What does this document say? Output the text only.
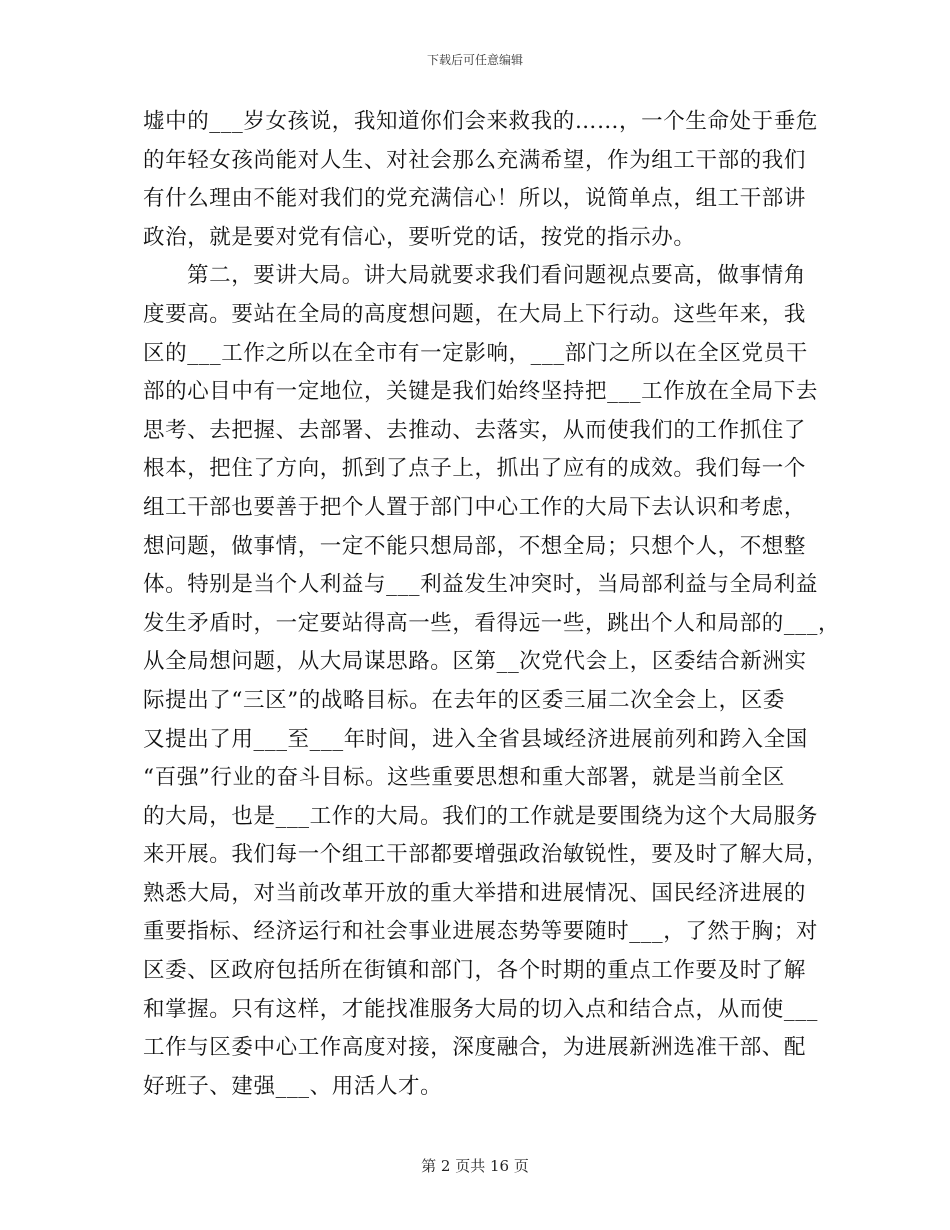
下载后可任意编辑
墟中的___岁女孩说，我知道你们会来救我的……，一个生命处于垂危
的年轻女孩尚能对人生、对社会那么充满希望，作为组工干部的我们
有什么理由不能对我们的党充满信心！所以，说简单点，组工干部讲
政治，就是要对党有信心，要听党的话，按党的指示办。
第二，要讲大局。讲大局就要求我们看问题视点要高，做事情角
度要高。要站在全局的高度想问题，在大局上下行动。这些年来，我
区的___工作之所以在全市有一定影响，___部门之所以在全区党员干
部的心目中有一定地位，关键是我们始终坚持把___工作放在全局下去
思考、去把握、去部署、去推动、去落实，从而使我们的工作抓住了
根本，把住了方向，抓到了点子上，抓出了应有的成效。我们每一个
组工干部也要善于把个人置于部门中心工作的大局下去认识和考虑，
想问题，做事情，一定不能只想局部，不想全局；只想个人，不想整
体。特别是当个人利益与___利益发生冲突时，当局部利益与全局利益
发生矛盾时，一定要站得高一些，看得远一些，跳出个人和局部的___，
从全局想问题，从大局谋思路。区第__次党代会上，区委结合新洲实
际提出了“三区”的战略目标。在去年的区委三届二次全会上，区委
又提出了用___至___年时间，进入全省县域经济进展前列和跨入全国
“百强”行业的奋斗目标。这些重要思想和重大部署，就是当前全区
的大局，也是___工作的大局。我们的工作就是要围绕为这个大局服务
来开展。我们每一个组工干部都要增强政治敏锐性，要及时了解大局，
熟悉大局，对当前改革开放的重大举措和进展情况、国民经济进展的
重要指标、经济运行和社会事业进展态势等要随时___，了然于胸；对
区委、区政府包括所在街镇和部门，各个时期的重点工作要及时了解
和掌握。只有这样，才能找准服务大局的切入点和结合点，从而使___
工作与区委中心工作高度对接，深度融合，为进展新洲选准干部、配
好班子、建强___、用活人才。
第 2 页共 16 页
